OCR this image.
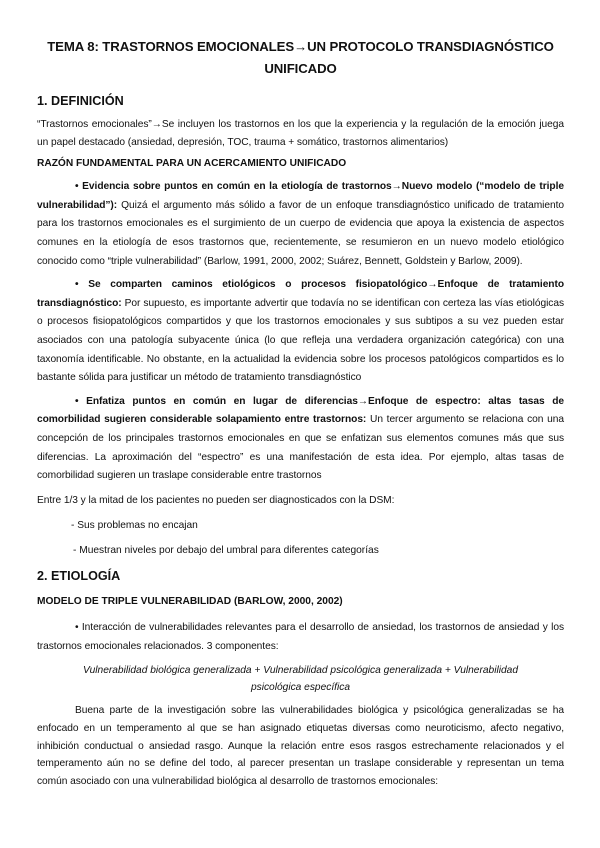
TEMA 8: TRASTORNOS EMOCIONALES→UN PROTOCOLO TRANSDIAGNÓSTICO UNIFICADO
1. DEFINICIÓN

“Trastornos emocionales”→Se incluyen los trastornos en los que la experiencia y la regulación de la emoción juega un papel destacado (ansiedad, depresión, TOC, trauma + somático, trastornos alimentarios)

RAZÓN FUNDAMENTAL PARA UN ACERCAMIENTO UNIFICADO

• Evidencia sobre puntos en común en la etiología de trastornos→Nuevo modelo (“modelo de triple vulnerabilidad”): Quizá el argumento más sólido a favor de un enfoque transdiagnóstico unificado de tratamiento para los trastornos emocionales es el surgimiento de un cuerpo de evidencia que apoya la existencia de aspectos comunes en la etiología de esos trastornos que, recientemente, se resumieron en un nuevo modelo etiológico conocido como “triple vulnerabilidad” (Barlow, 1991, 2000, 2002; Suárez, Bennett, Goldstein y Barlow, 2009).

• Se comparten caminos etiológicos o procesos fisiopatológico→Enfoque de tratamiento transdiagnóstico: Por supuesto, es importante advertir que todavía no se identifican con certeza las vías etiológicas o procesos fisiopatológicos compartidos y que los trastornos emocionales y sus subtipos a su vez pueden estar asociados con una patología subyacente única (lo que refleja una verdadera organización categórica) con una taxonomía identificable. No obstante, en la actualidad la evidencia sobre los procesos patológicos compartidos es lo bastante sólida para justificar un método de tratamiento transdiagnóstico

• Enfatiza puntos en común en lugar de diferencias→Enfoque de espectro: altas tasas de comorbilidad sugieren considerable solapamiento entre trastornos: Un tercer argumento se relaciona con una concepción de los principales trastornos emocionales en que se enfatizan sus elementos comunes más que sus diferencias. La aproximación del “espectro” es una manifestación de esta idea. Por ejemplo, altas tasas de comorbilidad sugieren un traslape considerable entre trastornos

Entre 1/3 y la mitad de los pacientes no pueden ser diagnosticados con la DSM:

- Sus problemas no encajan

- Muestran niveles por debajo del umbral para diferentes categorías

2. ETIOLOGÍA

MODELO DE TRIPLE VULNERABILIDAD (BARLOW, 2000, 2002)

• Interacción de vulnerabilidades relevantes para el desarrollo de ansiedad, los trastornos de ansiedad y los trastornos emocionales relacionados. 3 componentes:

Vulnerabilidad biológica generalizada + Vulnerabilidad psicológica generalizada + Vulnerabilidad psicológica específica

Buena parte de la investigación sobre las vulnerabilidades biológica y psicológica generalizadas se ha enfocado en un temperamento al que se han asignado etiquetas diversas como neuroticismo, afecto negativo, inhibición conductual o ansiedad rasgo. Aunque la relación entre esos rasgos estrechamente relacionados y el temperamento aún no se define del todo, al parecer presentan un traslape considerable y representan un tema común asociado con una vulnerabilidad biológica al desarrollo de trastornos emocionales:
